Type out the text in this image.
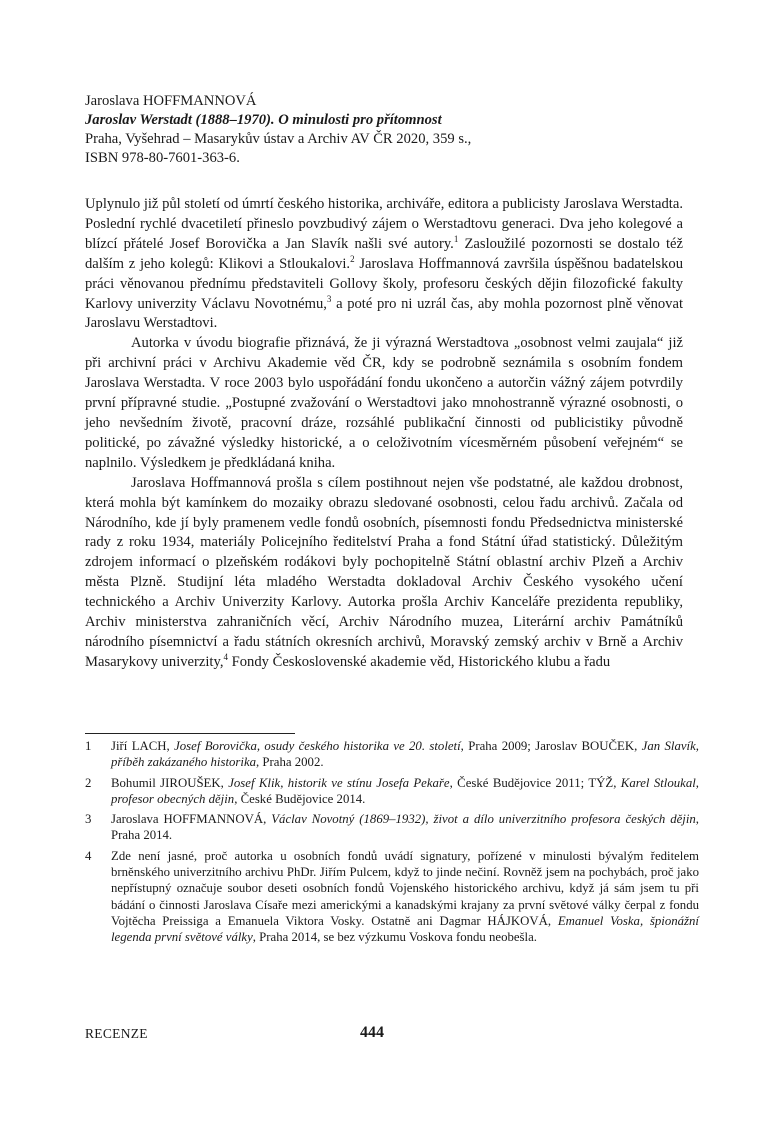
Jaroslava HOFFMANNOVÁ
Jaroslav Werstadt (1888–1970). O minulosti pro přítomnost
Praha, Vyšehrad – Masarykův ústav a Archiv AV ČR 2020, 359 s.,
ISBN 978-80-7601-363-6.

Uplynulo již půl století od úmrtí českého historika, archiváře, editora a publicisty Jaroslava Werstadta. Poslední rychlé dvacetiletí přineslo povzbudivý zájem o Werstadtovu generaci. Dva jeho kolegové a blízcí přátelé Josef Borovička a Jan Slavík našli své autory.$^1$ Zasloužilé pozornosti se dostalo též dalším z jeho kolegů: Klikovi a Stloukalovi.$^2$ Jaroslava Hoffmannová završila úspěšnou badatelskou práci věnovanou přednímu představiteli Gollovy školy, profesoru českých dějin filozofické fakulty Karlovy univerzity Václavu Novotnému,$^3$ a poté pro ni uzrál čas, aby mohla pozornost plně věnovat Jaroslavu Werstadtovi.

Autorka v úvodu biografie přiznává, že ji výrazná Werstadtova „osobnost velmi zaujala“ již při archivní práci v Archivu Akademie věd ČR, kdy se podrobně seznámila s osobním fondem Jaroslava Werstadta. V roce 2003 bylo uspořádání fondu ukončeno a autorčin vážný zájem potvrdily první přípravné studie. „Postupné zvažování o Werstadtovi jako mnohostranně výrazné osobnosti, o jeho nevšedním životě, pracovní dráze, rozsáhlé publikační činnosti od publicistiky původně politické, po závažné výsledky historické, a o celoživotním vícesměrném působení veřejném“ se naplnilo. Výsledkem je předkládaná kniha.

Jaroslava Hoffmannová prošla s cílem postihnout nejen vše podstatné, ale každou drobnost, která mohla být kamínkem do mozaiky obrazu sledované osobnosti, celou řadu archivů. Začala od Národního, kde jí byly pramenem vedle fondů osobních, písemnosti fondu Předsednictva ministerské rady z roku 1934, materiály Policejního ředitelství Praha a fond Státní úřad statistický. Důležitým zdrojem informací o plzeňském rodákovi byly pochopitelně Státní oblastní archiv Plzeň a Archiv města Plzně. Studijní léta mladého Werstadta dokladoval Archiv Českého vysokého učení technického a Archiv Univerzity Karlovy. Autorka prošla Archiv Kanceláře prezidenta republiky, Archiv ministerstva zahraničních věcí, Archiv Národního muzea, Literární archiv Památníků národního písemnictví a řadu státních okresních archivů, Moravský zemský archiv v Brně a Archiv Masarykovy univerzity,$^4$ Fondy Československé akademie věd, Historického klubu a řadu

1	Jiří LACH, Josef Borovička, osudy českého historika ve 20. století, Praha 2009; Jaroslav BOUČEK, Jan Slavík, příběh zakázaného historika, Praha 2002.
2	Bohumil JIROUŠEK, Josef Klik, historik ve stínu Josefa Pekaře, České Budějovice 2011; TÝŽ, Karel Stloukal, profesor obecných dějin, České Budějovice 2014.
3	Jaroslava HOFFMANNOVÁ, Václav Novotný (1869–1932), život a dílo univerzitního profesora českých dějin, Praha 2014.
4	Zde není jasné, proč autorka u osobních fondů uvádí signatury, pořízené v minulosti bývalým ředitelem brněnského univerzitního archivu PhDr. Jiřím Pulcem, když to jinde nečiní. Rovněž jsem na pochybách, proč jako nepřístupný označuje soubor deseti osobních fondů Vojenského historického archivu, když já sám jsem tu při bádání o činnosti Jaroslava Císaře mezi americkými a kanadskými krajany za první světové války čerpal z fondu Vojtěcha Preissiga a Emanuela Viktora Vosky. Ostatně ani Dagmar HÁJKOVÁ, Emanuel Voska, špionážní legenda první světové války, Praha 2014, se bez výzkumu Voskova fondu neobešla.
RECENZE	444
